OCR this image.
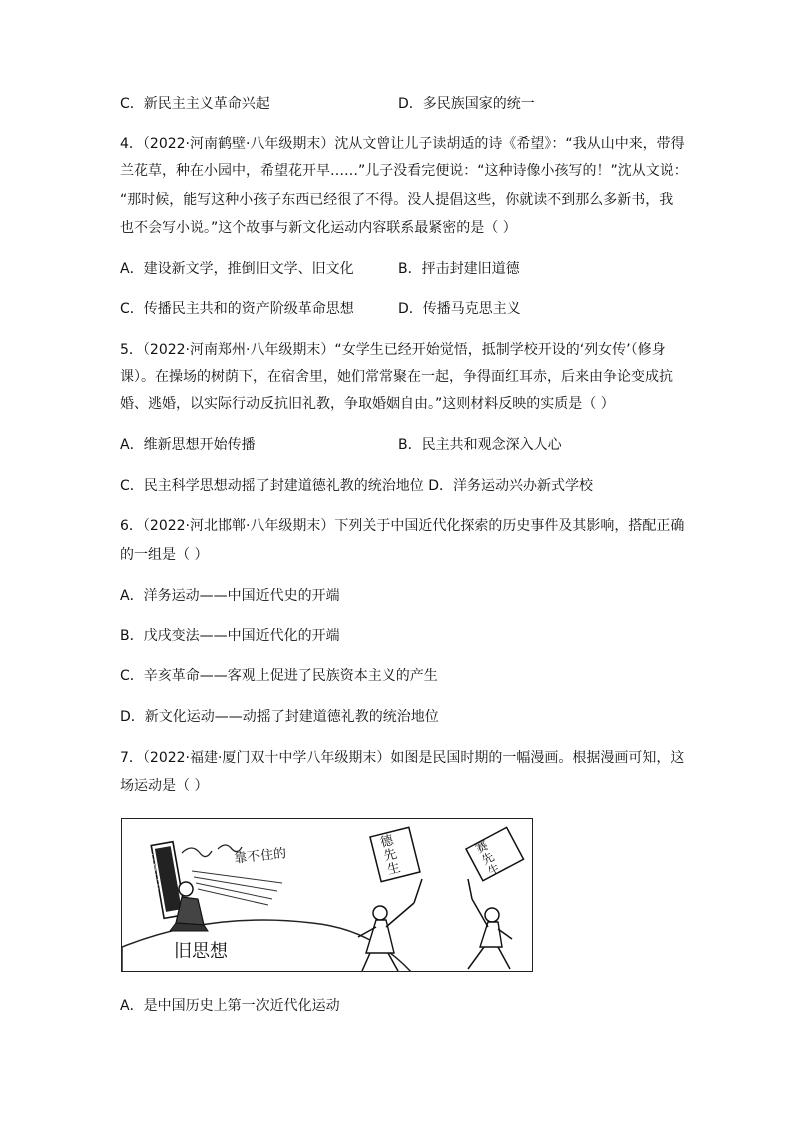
C．新民主主义革命兴起	D．多民族国家的统一
4．（2022·河南鹤壁·八年级期末）沈从文曾让儿子读胡适的诗《希望》：“我从山中来，带得
兰花草，种在小园中，希望花开早……”儿子没看完便说：“这种诗像小孩写的！”沈从文说：
“那时候，能写这种小孩子东西已经很了不得。没人提倡这些，你就读不到那么多新书，我
也不会写小说。”这个故事与新文化运动内容联系最紧密的是（ ）
A．建设新文学，推倒旧文学、旧文化	B．抨击封建旧道德
C．传播民主共和的资产阶级革命思想	D．传播马克思主义
5．（2022·河南郑州·八年级期末）“女学生已经开始觉悟，抵制学校开设的‘列女传’（修身
课）。在操场的树荫下，在宿舍里，她们常常聚在一起，争得面红耳赤，后来由争论变成抗
婚、逃婚，以实际行动反抗旧礼教，争取婚姻自由。”这则材料反映的实质是（ ）
A．维新思想开始传播	B．民主共和观念深入人心
C．民主科学思想动摇了封建道德礼教的统治地位 D．洋务运动兴办新式学校
6．（2022·河北邯郸·八年级期末）下列关于中国近代化探索的历史事件及其影响，搭配正确
的一组是（ ）
A．洋务运动——中国近代史的开端
B．戊戌变法——中国近代化的开端
C．辛亥革命——客观上促进了民族资本主义的产生
D．新文化运动——动摇了封建道德礼教的统治地位
7．（2022·福建·厦门双十中学八年级期末）如图是民国时期的一幅漫画。根据漫画可知，这
场运动是（ ）
靠不住的
旧思想
三纲五常
德先生
赛先生
A．是中国历史上第一次近代化运动
